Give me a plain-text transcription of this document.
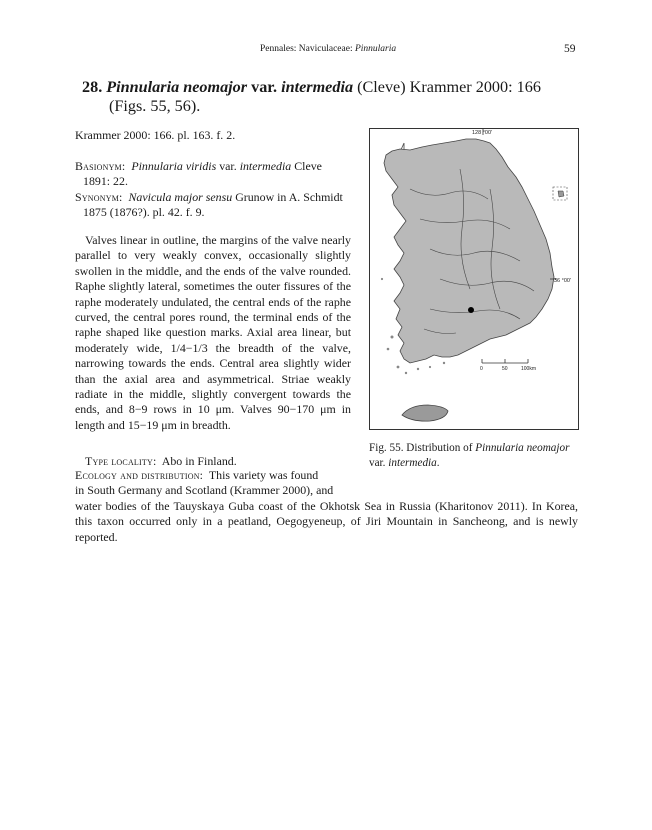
Pennales: Naviculaceae: Pinnularia	59
28. Pinnularia neomajor var. intermedia (Cleve) Krammer 2000: 166
(Figs. 55, 56).
Krammer 2000: 166. pl. 163. f. 2.

Basionym: Pinnularia viridis var. intermedia Cleve
1891: 22.

Synonym: Navicula major sensu Grunow in A. Schmidt
1875 (1876?). pl. 42. f. 9.

Valves linear in outline, the margins of the valve nearly parallel to very weakly convex, occasionally slightly swollen in the middle, and the ends of the valve rounded. Raphe slightly lateral, sometimes the outer fissures of the raphe moderately undulated, the central ends of the raphe curved, the central pores round, the terminal ends of the raphe shaped like question marks. Axial area linear, but moderately wide, 1/4−1/3 the breadth of the valve, narrowing towards the ends. Central area slightly wider than the axial area and asymmetrical. Striae weakly radiate in the middle, slightly convergent towards the ends, and 8−9 rows in 10 μm. Valves 90−170 μm in length and 15−19 μm in breadth.

Type locality: Abo in Finland.
Ecology and distribution: This variety was found
in South Germany and Scotland (Krammer 2000), and
water bodies of the Tauyskaya Guba coast of the Okhotsk Sea in Russia (Kharitonov 2011). In Korea, this taxon occurred only in a peatland, Oegogyeneup, of Jiri Mountain in Sancheong, and is newly reported.
128 °00'
36 °00'
0	50	100km
Fig. 55. Distribution of Pinnularia neomajor var. intermedia.
